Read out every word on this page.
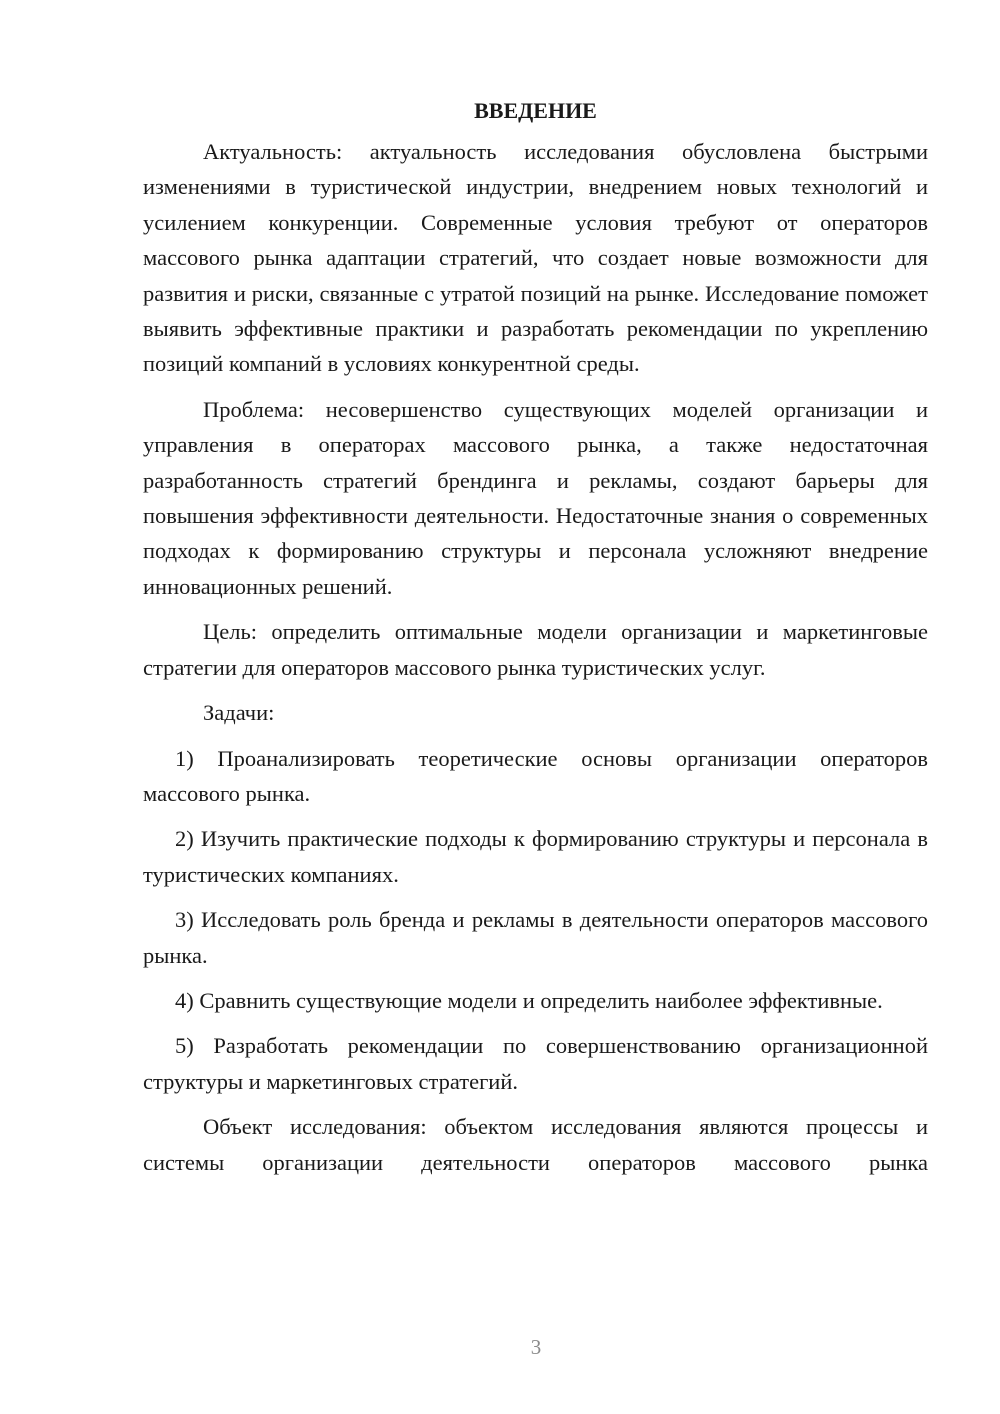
ВВЕДЕНИЕ

Актуальность: актуальность исследования обусловлена быстрыми изменениями в туристической индустрии, внедрением новых технологий и усилением конкуренции. Современные условия требуют от операторов массового рынка адаптации стратегий, что создает новые возможности для развития и риски, связанные с утратой позиций на рынке. Исследование поможет выявить эффективные практики и разработать рекомендации по укреплению позиций компаний в условиях конкурентной среды.

Проблема: несовершенство существующих моделей организации и управления в операторах массового рынка, а также недостаточная разработанность стратегий брендинга и рекламы, создают барьеры для повышения эффективности деятельности. Недостаточные знания о современных подходах к формированию структуры и персонала усложняют внедрение инновационных решений.

Цель: определить оптимальные модели организации и маркетинговые стратегии для операторов массового рынка туристических услуг.

Задачи:

1) Проанализировать теоретические основы организации операторов массового рынка.

2) Изучить практические подходы к формированию структуры и персонала в туристических компаниях.

3) Исследовать роль бренда и рекламы в деятельности операторов массового рынка.

4) Сравнить существующие модели и определить наиболее эффективные.

5) Разработать рекомендации по совершенствованию организационной структуры и маркетинговых стратегий.

Объект исследования: объектом исследования являются процессы и системы организации деятельности операторов массового рынка

3
